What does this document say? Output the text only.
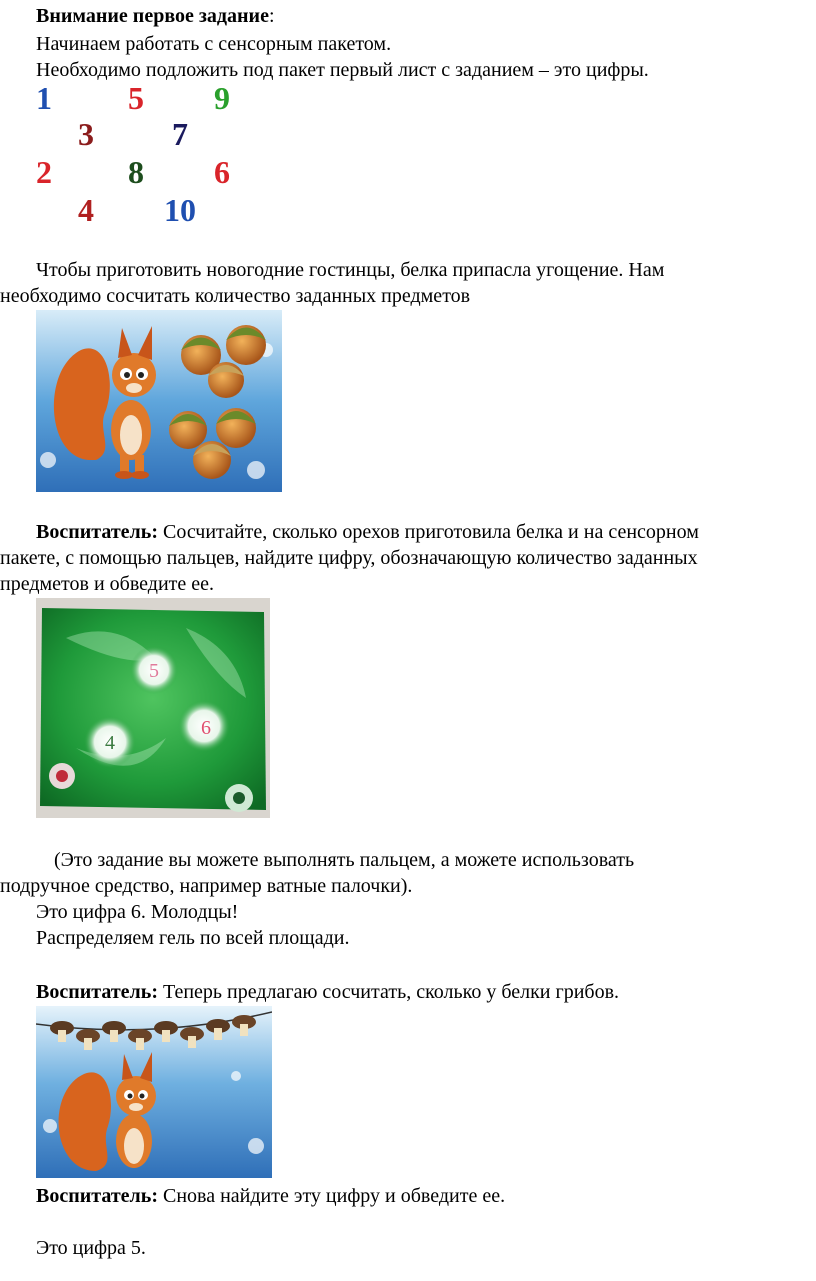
Внимание первое задание:
Начинаем работать с сенсорным пакетом.
Необходимо подложить под пакет первый лист с заданием – это цифры.
1 5 9
3 7
2 8 6
4 10
Чтобы приготовить новогодние гостинцы, белка припасла угощение. Нам
необходимо сосчитать количество заданных предметов
Воспитатель: Сосчитайте, сколько орехов приготовила белка и на сенсорном
пакете, с помощью пальцев, найдите цифру, обозначающую количество заданных
предметов и обведите ее.
5
4
6
(Это задание вы можете выполнять пальцем, а можете использовать
подручное средство, например ватные палочки).
Это цифра 6. Молодцы!
Распределяем гель по всей площади.
Воспитатель: Теперь предлагаю сосчитать, сколько у белки грибов.
Воспитатель: Снова найдите эту цифру и обведите ее.
Это цифра 5.
